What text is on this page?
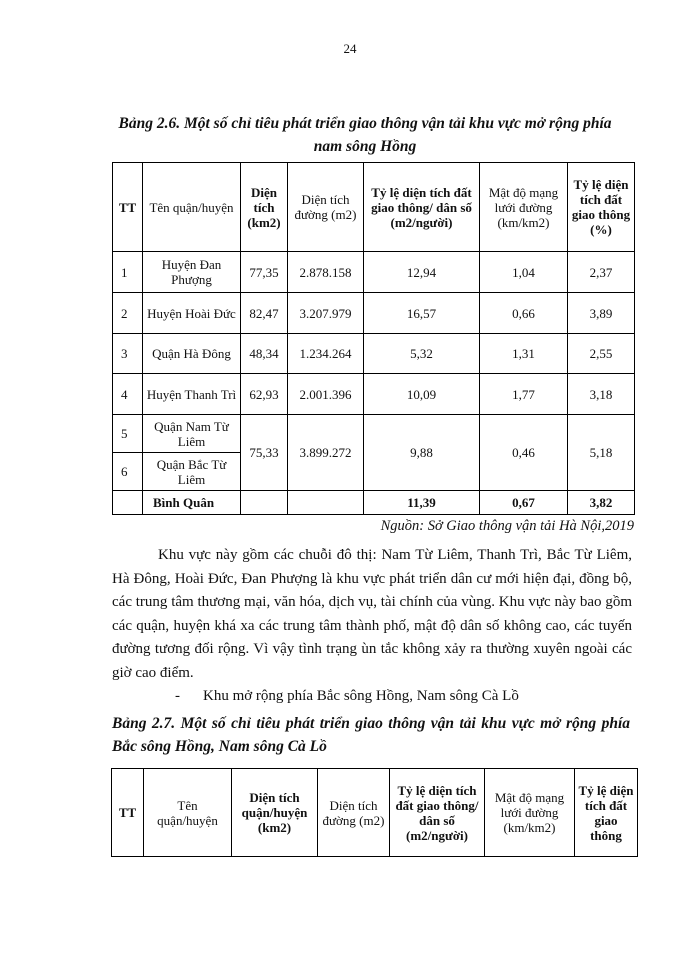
24
Bảng 2.6. Một số chỉ tiêu phát triển giao thông vận tải khu vực mở rộng phía nam sông Hồng
TT	Tên quận/huyện	Diện tích (km2)	Diện tích đường (m2)	Tỷ lệ diện tích đất giao thông/ dân số (m2/người)	Mật độ mạng lưới đường (km/km2)	Tỷ lệ diện tích đất giao thông (%)
1	Huyện Đan Phượng	77,35	2.878.158	12,94	1,04	2,37
2	Huyện Hoài Đức	82,47	3.207.979	16,57	0,66	3,89
3	Quận Hà Đông	48,34	1.234.264	5,32	1,31	2,55
4	Huyện Thanh Trì	62,93	2.001.396	10,09	1,77	3,18
5	Quận Nam Từ Liêm	75,33	3.899.272	9,88	0,46	5,18
6	Quận Bắc Từ Liêm					
	Bình Quân			11,39	0,67	3,82
Nguồn: Sở Giao thông vận tải Hà Nội,2019
Khu vực này gồm các chuỗi đô thị: Nam Từ Liêm, Thanh Trì, Bắc Từ Liêm, Hà Đông, Hoài Đức, Đan Phượng là khu vực phát triển dân cư mới hiện đại, đồng bộ, các trung tâm thương mại, văn hóa, dịch vụ, tài chính của vùng. Khu vực này bao gồm các quận, huyện khá xa các trung tâm thành phố, mật độ dân số không cao, các tuyến đường tương đối rộng. Vì vậy tình trạng ùn tắc không xảy ra thường xuyên ngoài các giờ cao điểm.
- Khu mở rộng phía Bắc sông Hồng, Nam sông Cà Lồ
Bảng 2.7. Một số chỉ tiêu phát triển giao thông vận tải khu vực mở rộng phía Bắc sông Hồng, Nam sông Cà Lồ
TT	Tên quận/huyện	Diện tích quận/huyện (km2)	Diện tích đường (m2)	Tỷ lệ diện tích đất giao thông/ dân số (m2/người)	Mật độ mạng lưới đường (km/km2)	Tỷ lệ diện tích đất giao thông
